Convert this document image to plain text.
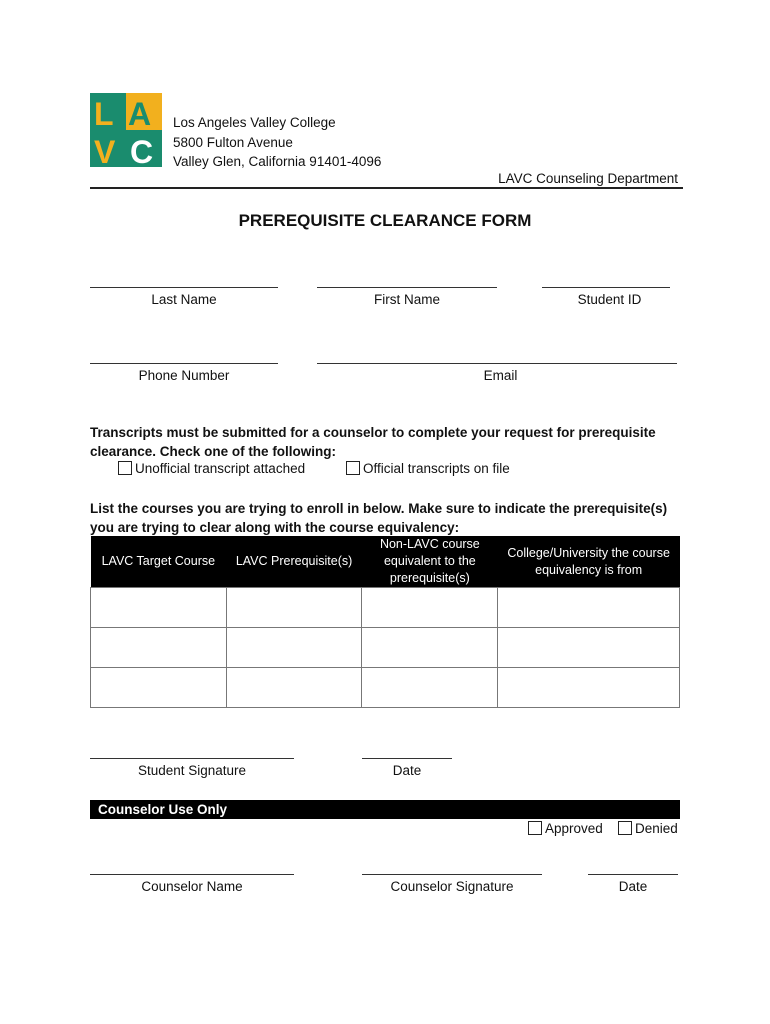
L A
V C
Los Angeles Valley College
5800 Fulton Avenue
Valley Glen, California 91401-4096
LAVC Counseling Department
PREREQUISITE CLEARANCE FORM
Last Name	First Name	Student ID
Phone Number	Email
Transcripts must be submitted for a counselor to complete your request for prerequisite
clearance. Check one of the following:
Unofficial transcript attached	Official transcripts on file
List the courses you are trying to enroll in below. Make sure to indicate the prerequisite(s)
you are trying to clear along with the course equivalency:
LAVC Target Course	LAVC Prerequisite(s)	Non-LAVC course equivalent to the prerequisite(s)	College/University the course equivalency is from

Student Signature	Date
Counselor Use Only
Approved	Denied
Counselor Name	Counselor Signature	Date
